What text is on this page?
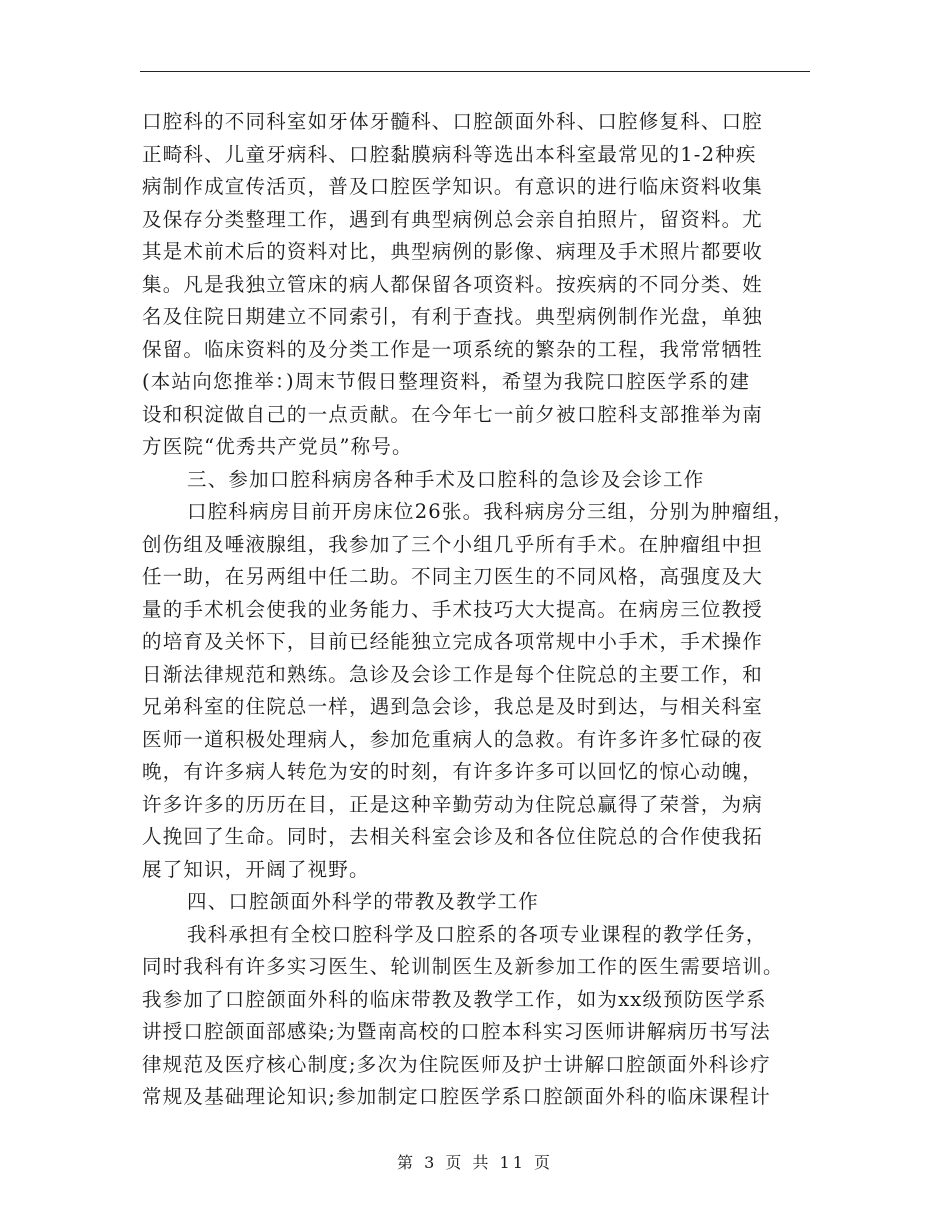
口腔科的不同科室如牙体牙髓科、口腔颌面外科、口腔修复科、口腔
正畸科、儿童牙病科、口腔黏膜病科等选出本科室最常见的1-2种疾
病制作成宣传活页，普及口腔医学知识。有意识的进行临床资料收集
及保存分类整理工作，遇到有典型病例总会亲自拍照片，留资料。尤
其是术前术后的资料对比，典型病例的影像、病理及手术照片都要收
集。凡是我独立管床的病人都保留各项资料。按疾病的不同分类、姓
名及住院日期建立不同索引，有利于查找。典型病例制作光盘，单独
保留。临床资料的及分类工作是一项系统的繁杂的工程，我常常牺牲
(本站向您推举：)周末节假日整理资料，希望为我院口腔医学系的建
设和积淀做自己的一点贡献。在今年七一前夕被口腔科支部推举为南
方医院“优秀共产党员”称号。
三、参加口腔科病房各种手术及口腔科的急诊及会诊工作
口腔科病房目前开房床位26张。我科病房分三组，分别为肿瘤组，
创伤组及唾液腺组，我参加了三个小组几乎所有手术。在肿瘤组中担
任一助，在另两组中任二助。不同主刀医生的不同风格，高强度及大
量的手术机会使我的业务能力、手术技巧大大提高。在病房三位教授
的培育及关怀下，目前已经能独立完成各项常规中小手术，手术操作
日渐法律规范和熟练。急诊及会诊工作是每个住院总的主要工作，和
兄弟科室的住院总一样，遇到急会诊，我总是及时到达，与相关科室
医师一道积极处理病人，参加危重病人的急救。有许多许多忙碌的夜
晚，有许多病人转危为安的时刻，有许多许多可以回忆的惊心动魄，
许多许多的历历在目，正是这种辛勤劳动为住院总赢得了荣誉，为病
人挽回了生命。同时，去相关科室会诊及和各位住院总的合作使我拓
展了知识，开阔了视野。
四、口腔颌面外科学的带教及教学工作
我科承担有全校口腔科学及口腔系的各项专业课程的教学任务，
同时我科有许多实习医生、轮训制医生及新参加工作的医生需要培训。
我参加了口腔颌面外科的临床带教及教学工作，如为xx级预防医学系
讲授口腔颌面部感染;为暨南高校的口腔本科实习医师讲解病历书写法
律规范及医疗核心制度;多次为住院医师及护士讲解口腔颌面外科诊疗
常规及基础理论知识;参加制定口腔医学系口腔颌面外科的临床课程计
第 3 页 共 11 页
